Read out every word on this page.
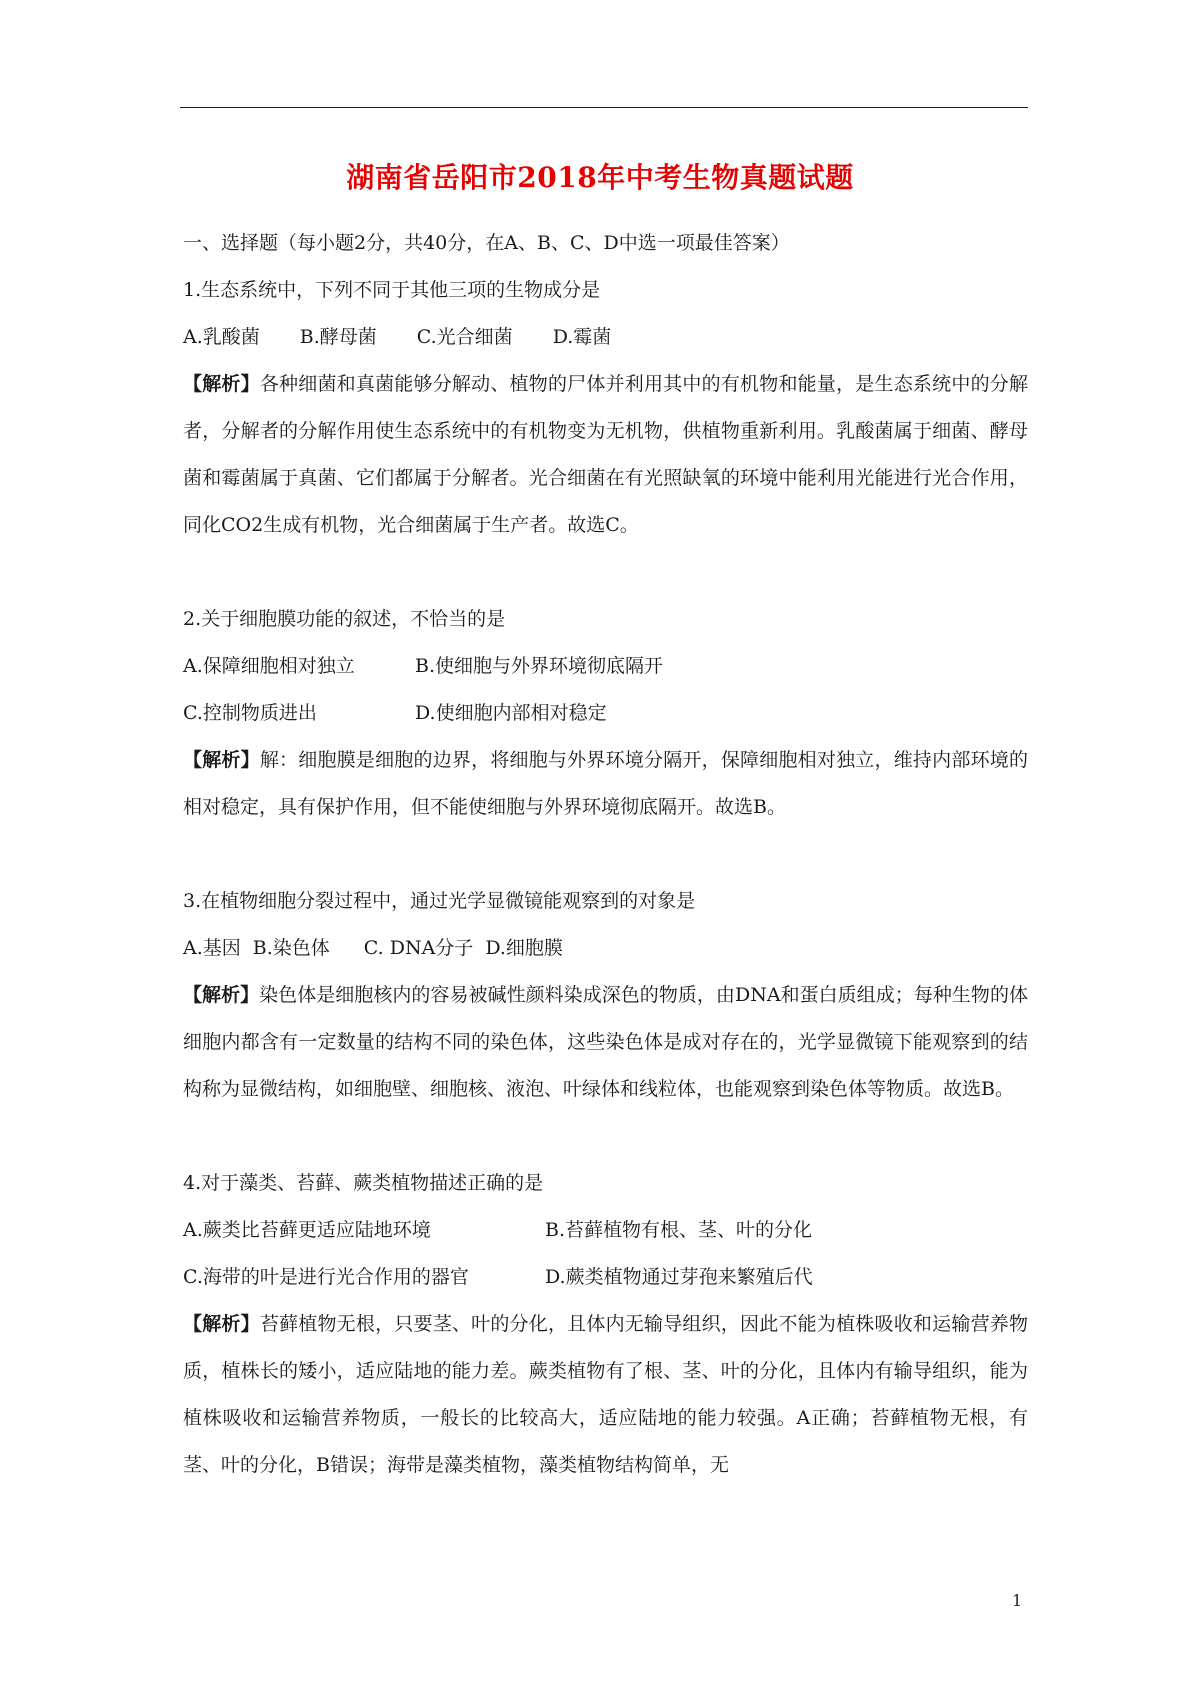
湖南省岳阳市2018年中考生物真题试题

一、选择题（每小题2分，共40分，在A、B、C、D中选一项最佳答案）

1.生态系统中，下列不同于其他三项的生物成分是

A.乳酸菌 B.酵母菌 C.光合细菌 D.霉菌

【解析】各种细菌和真菌能够分解动、植物的尸体并利用其中的有机物和能量，是生态系统中的分解者，分解者的分解作用使生态系统中的有机物变为无机物，供植物重新利用。乳酸菌属于细菌、酵母菌和霉菌属于真菌、它们都属于分解者。光合细菌在有光照缺氧的环境中能利用光能进行光合作用，同化CO2生成有机物，光合细菌属于生产者。故选C。

2.关于细胞膜功能的叙述，不恰当的是

A.保障细胞相对独立	B.使细胞与外界环境彻底隔开
C.控制物质进出	D.使细胞内部相对稳定

【解析】解：细胞膜是细胞的边界，将细胞与外界环境分隔开，保障细胞相对独立，维持内部环境的相对稳定，具有保护作用，但不能使细胞与外界环境彻底隔开。故选B。

3.在植物细胞分裂过程中，通过光学显微镜能观察到的对象是

A.基因 B.染色体 C. DNA分子 D.细胞膜

【解析】染色体是细胞核内的容易被碱性颜料染成深色的物质，由DNA和蛋白质组成；每种生物的体细胞内都含有一定数量的结构不同的染色体，这些染色体是成对存在的，光学显微镜下能观察到的结构称为显微结构，如细胞壁、细胞核、液泡、叶绿体和线粒体，也能观察到染色体等物质。故选B。

4.对于藻类、苔藓、蕨类植物描述正确的是

A.蕨类比苔藓更适应陆地环境	B.苔藓植物有根、茎、叶的分化
C.海带的叶是进行光合作用的器官	D.蕨类植物通过芽孢来繁殖后代

【解析】苔藓植物无根，只要茎、叶的分化，且体内无输导组织，因此不能为植株吸收和运输营养物质，植株长的矮小，适应陆地的能力差。蕨类植物有了根、茎、叶的分化，且体内有输导组织，能为植株吸收和运输营养物质，一般长的比较高大，适应陆地的能力较强。A正确；苔藓植物无根，有茎、叶的分化，B错误；海带是藻类植物，藻类植物结构简单，无

1
